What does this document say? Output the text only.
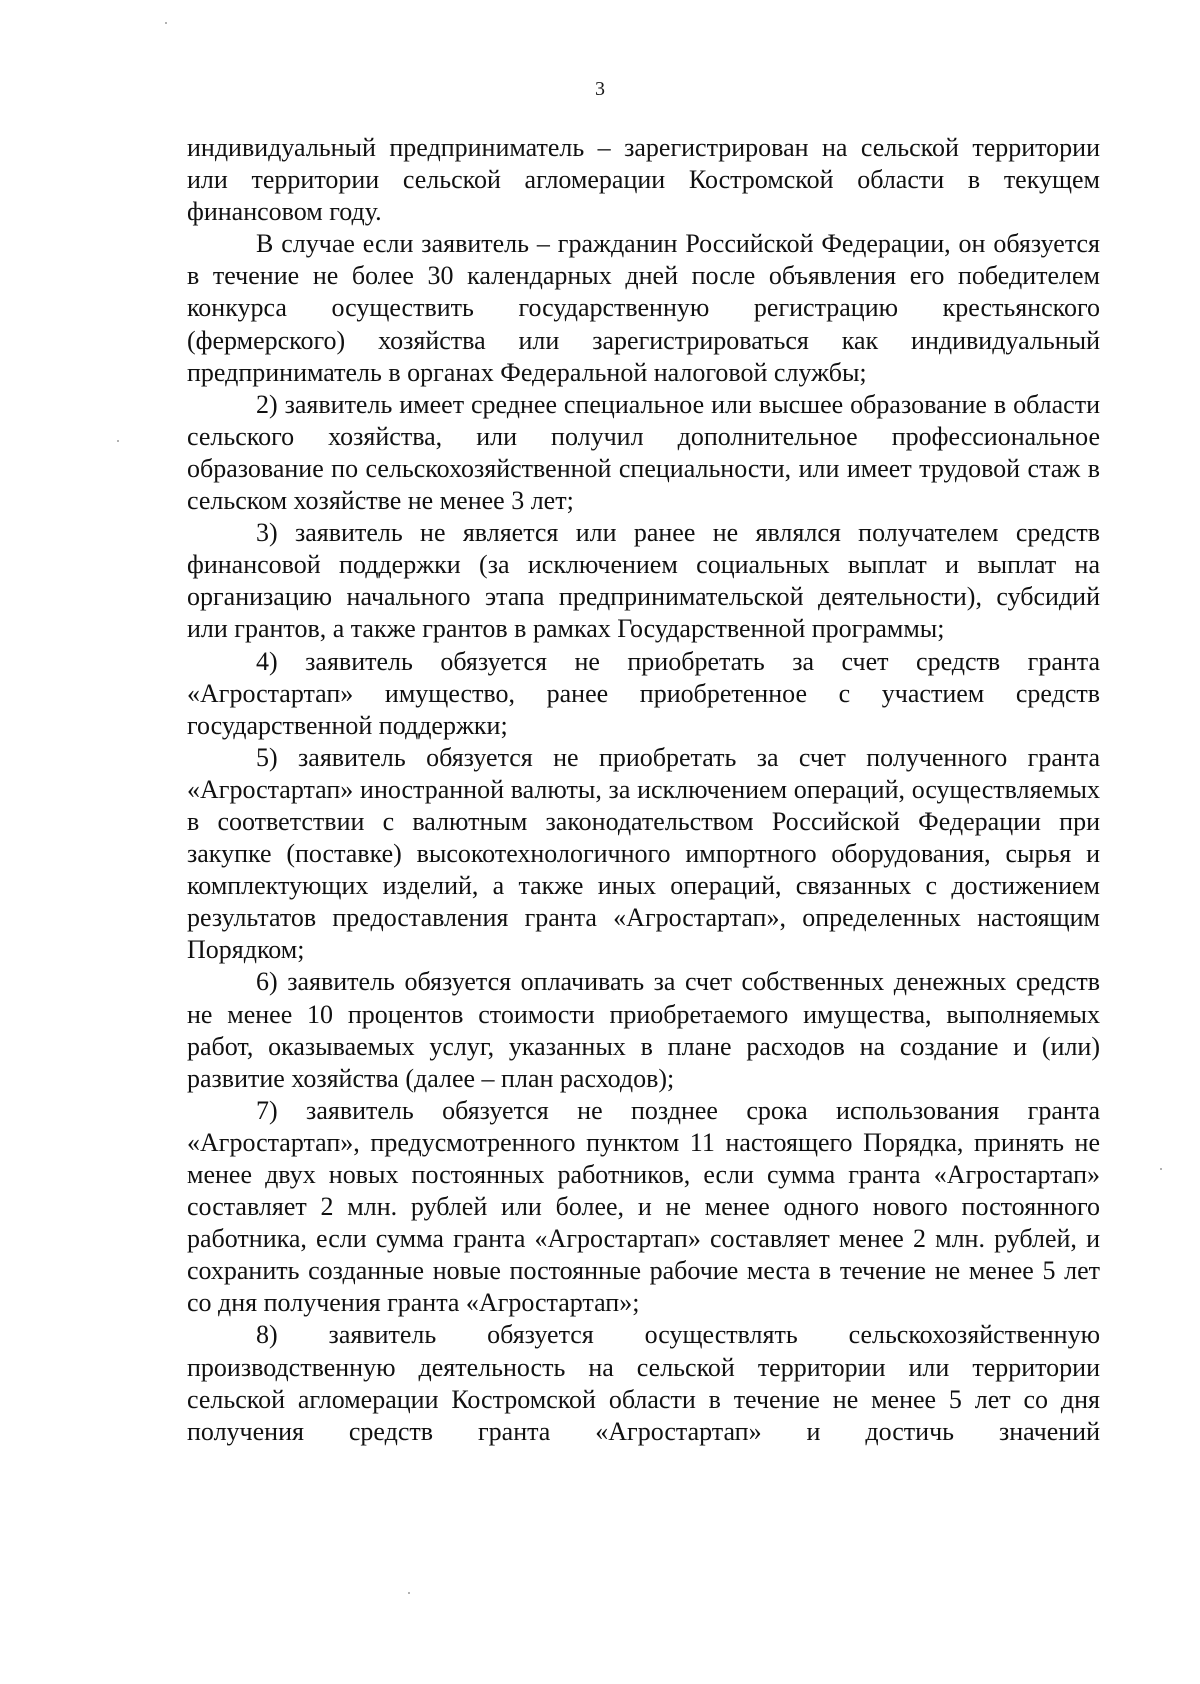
3

индивидуальный предприниматель – зарегистрирован на сельской территории или территории сельской агломерации Костромской области в текущем финансовом году.

В случае если заявитель – гражданин Российской Федерации, он обязуется в течение не более 30 календарных дней после объявления его победителем конкурса осуществить государственную регистрацию крестьянского (фермерского) хозяйства или зарегистрироваться как индивидуальный предприниматель в органах Федеральной налоговой службы;

2) заявитель имеет среднее специальное или высшее образование в области сельского хозяйства, или получил дополнительное профессиональное образование по сельскохозяйственной специальности, или имеет трудовой стаж в сельском хозяйстве не менее 3 лет;

3) заявитель не является или ранее не являлся получателем средств финансовой поддержки (за исключением социальных выплат и выплат на организацию начального этапа предпринимательской деятельности), субсидий или грантов, а также грантов в рамках Государственной программы;

4) заявитель обязуется не приобретать за счет средств гранта «Агростартап» имущество, ранее приобретенное с участием средств государственной поддержки;

5) заявитель обязуется не приобретать за счет полученного гранта «Агростартап» иностранной валюты, за исключением операций, осуществляемых в соответствии с валютным законодательством Российской Федерации при закупке (поставке) высокотехнологичного импортного оборудования, сырья и комплектующих изделий, а также иных операций, связанных с достижением результатов предоставления гранта «Агростартап», определенных настоящим Порядком;

6) заявитель обязуется оплачивать за счет собственных денежных средств не менее 10 процентов стоимости приобретаемого имущества, выполняемых работ, оказываемых услуг, указанных в плане расходов на создание и (или) развитие хозяйства (далее – план расходов);

7) заявитель обязуется не позднее срока использования гранта «Агростартап», предусмотренного пунктом 11 настоящего Порядка, принять не менее двух новых постоянных работников, если сумма гранта «Агростартап» составляет 2 млн. рублей или более, и не менее одного нового постоянного работника, если сумма гранта «Агростартап» составляет менее 2 млн. рублей, и сохранить созданные новые постоянные рабочие места в течение не менее 5 лет со дня получения гранта «Агростартап»;

8) заявитель обязуется осуществлять сельскохозяйственную производственную деятельность на сельской территории или территории сельской агломерации Костромской области в течение не менее 5 лет со дня получения средств гранта «Агростартап» и достичь значений
